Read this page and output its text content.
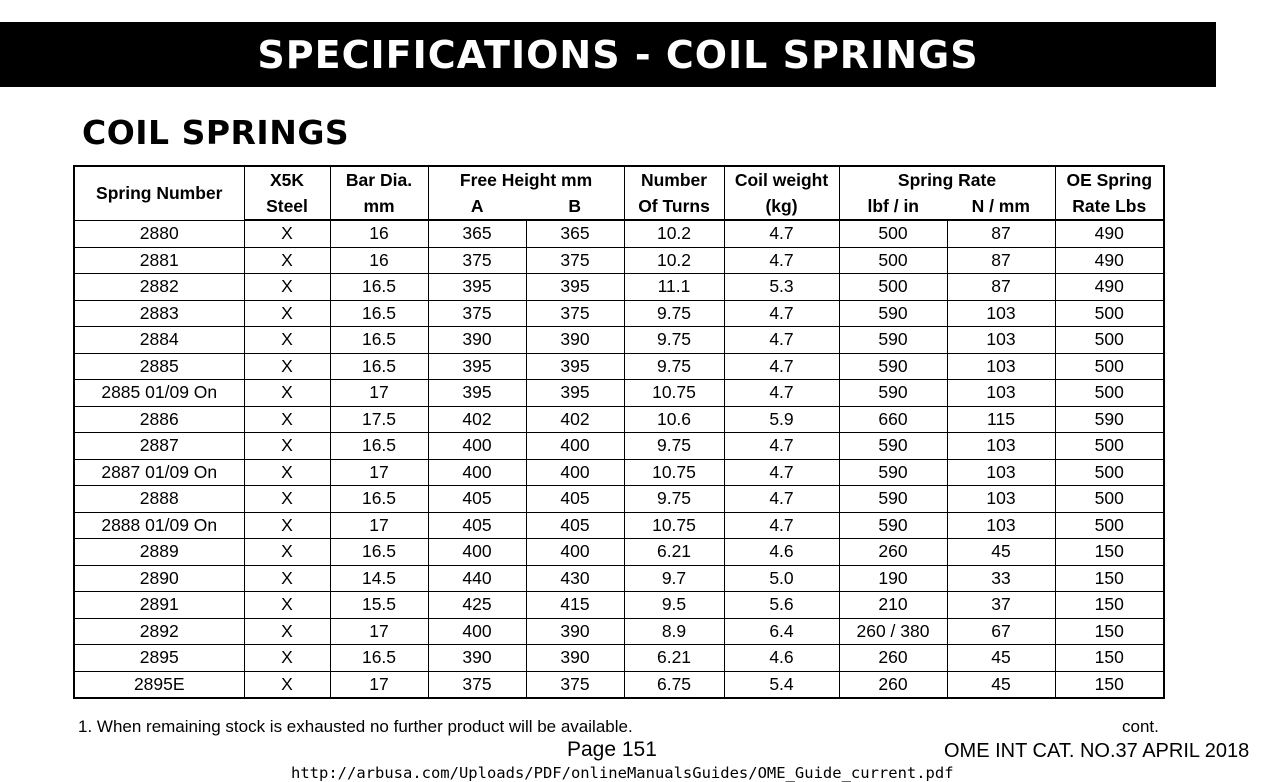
SPECIFICATIONS - COIL SPRINGS
COIL SPRINGS
Spring Number	X5K	Bar Dia.	Free Height mm		Number	Coil weight	Spring Rate		OE Spring
	Steel	mm	A	B	Of Turns	(kg)	lbf / in	N / mm	Rate Lbs
2880	X	16	365	365	10.2	4.7	500	87	490
2881	X	16	375	375	10.2	4.7	500	87	490
2882	X	16.5	395	395	11.1	5.3	500	87	490
2883	X	16.5	375	375	9.75	4.7	590	103	500
2884	X	16.5	390	390	9.75	4.7	590	103	500
2885	X	16.5	395	395	9.75	4.7	590	103	500
2885 01/09 On	X	17	395	395	10.75	4.7	590	103	500
2886	X	17.5	402	402	10.6	5.9	660	115	590
2887	X	16.5	400	400	9.75	4.7	590	103	500
2887 01/09 On	X	17	400	400	10.75	4.7	590	103	500
2888	X	16.5	405	405	9.75	4.7	590	103	500
2888 01/09 On	X	17	405	405	10.75	4.7	590	103	500
2889	X	16.5	400	400	6.21	4.6	260	45	150
2890	X	14.5	440	430	9.7	5.0	190	33	150
2891	X	15.5	425	415	9.5	5.6	210	37	150
2892	X	17	400	390	8.9	6.4	260 / 380	67	150
2895	X	16.5	390	390	6.21	4.6	260	45	150
2895E	X	17	375	375	6.75	5.4	260	45	150
1. When remaining stock is exhausted no further product will be available.	cont.
Page 151	OME INT CAT. NO.37 APRIL 2018
http://arbusa.com/Uploads/PDF/onlineManualsGuides/OME_Guide_current.pdf
